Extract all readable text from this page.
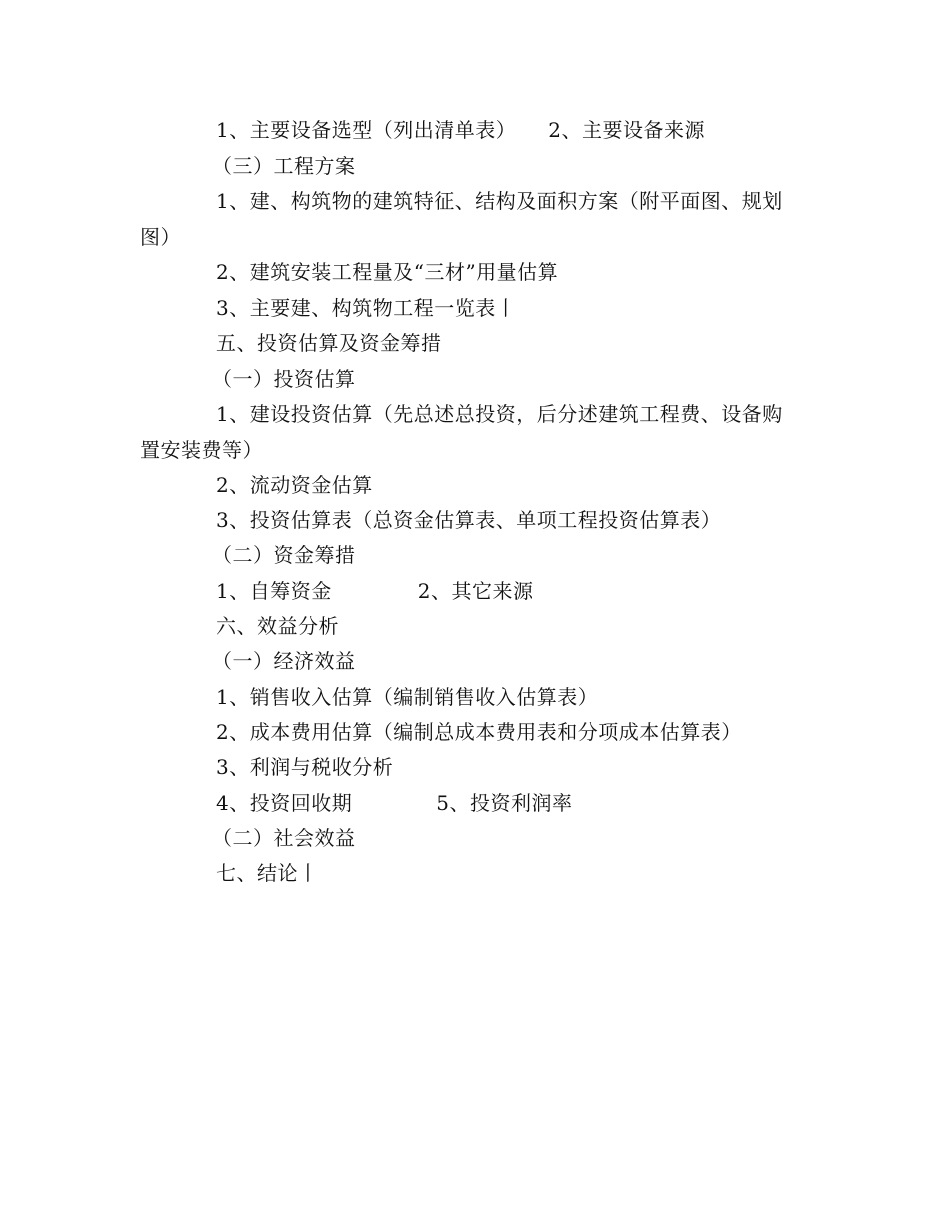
1、主要设备选型（列出清单表） 2、主要设备来源
（三）工程方案
1、建、构筑物的建筑特征、结构及面积方案（附平面图、规划
图）
2、建筑安装工程量及“三材”用量估算
3、主要建、构筑物工程一览表丨
五、投资估算及资金筹措
（一）投资估算
1、建设投资估算（先总述总投资，后分述建筑工程费、设备购
置安装费等）
2、流动资金估算
3、投资估算表（总资金估算表、单项工程投资估算表）
（二）资金筹措
1、自筹资金	2、其它来源
六、效益分析
（一）经济效益
1、销售收入估算（编制销售收入估算表）
2、成本费用估算（编制总成本费用表和分项成本估算表）
3、利润与税收分析
4、投资回收期	5、投资利润率
（二）社会效益
七、结论丨
